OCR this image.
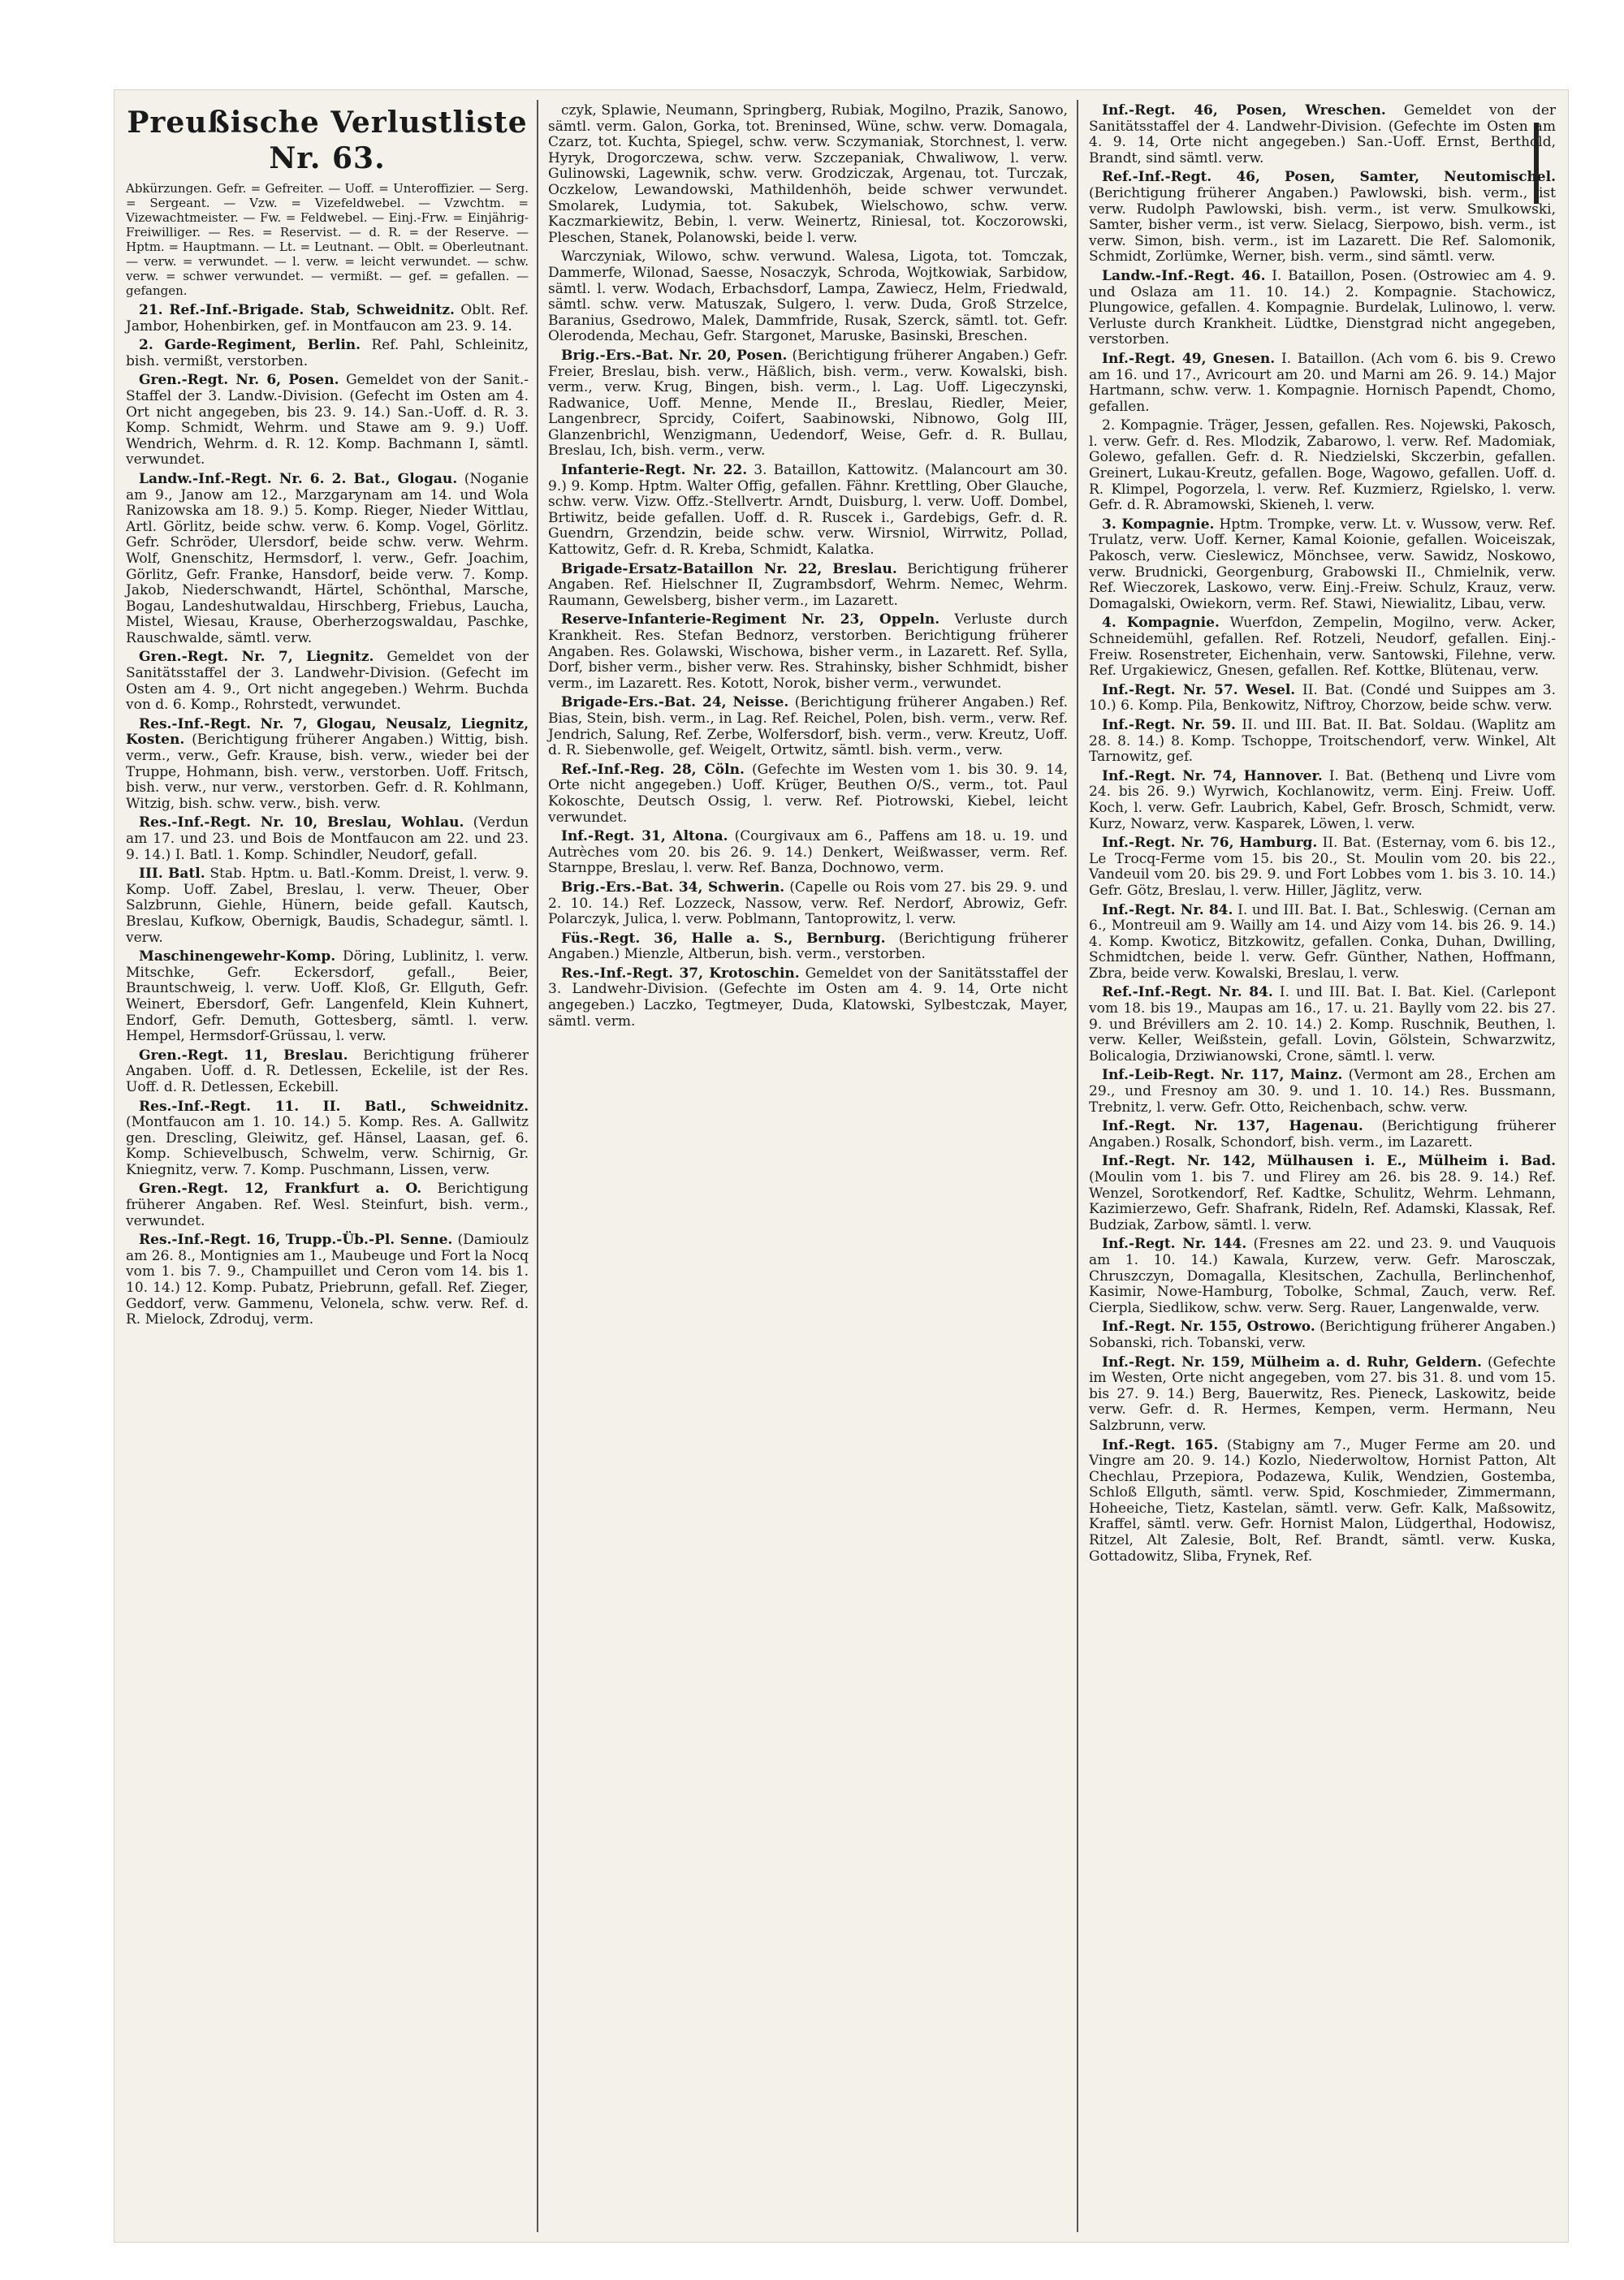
Preußische Verlustliste Nr. 63.
Abkürzungen. Gefr. = Gefreiter. — Uoff. = Unteroffizier. — Serg. = Sergeant. — Vzw. = Vizefeldwebel. — Vzwchtm. = Vizewachtmeister. — Fw. = Feldwebel. — Einj.-Frw. = Einjährig-Freiwilliger. — Res. = Reservist. — d. R. = der Reserve. — Hptm. = Hauptmann. — Lt. = Leutnant. — Oblt. = Oberleutnant. — verw. = verwundet. — l. verw. = leicht verwundet. — schw. verw. = schwer verwundet. — vermißt. — gef. = gefallen. — gefangen.

21. Ref.-Inf.-Brigade. Stab, Schweidnitz. Oblt. Ref. Jambor, Hohenbirken, gef. in Montfaucon am 23. 9. 14.

2. Garde-Regiment, Berlin. Ref. Pahl, Schleinitz, bish. vermißt, verstorben.

Gren.-Regt. Nr. 6, Posen. Gemeldet von der Sanit.-Staffel der 3. Landw.-Division. (Gefecht im Osten am 4. Ort nicht angegeben, bis 23. 9. 14.) San.-Uoff. d. R. 3. Komp. Schmidt, Wehrm. und Stawe am 9. 9.) Uoff. Wendrich, Wehrm. d. R. 12. Komp. Bachmann I, sämtl. verwundet.

Landw.-Inf.-Regt. Nr. 6. 2. Bat., Glogau. (Noganie am 9., Janow am 12., Marzgarynam am 14. und Wola Ranizowska am 18. 9.) 5. Komp. Rieger, Nieder Wittlau, Artl. Görlitz, beide schw. verw. 6. Komp. Vogel, Görlitz. Gefr. Schröder, Ulersdorf, beide schw. verw. Wehrm. Wolf, Gnenschitz, Hermsdorf, l. verw., Gefr. Joachim, Görlitz, Gefr. Franke, Hansdorf, beide verw. 7. Komp. Jakob, Niederschwandt, Härtel, Schönthal, Marsche, Bogau, Landeshutwaldau, Hirschberg, Friebus, Laucha, Mistel, Wiesau, Krause, Oberherzogswaldau, Paschke, Rauschwalde, sämtl. verw.

Gren.-Regt. Nr. 7, Liegnitz. Gemeldet von der Sanitätsstaffel der 3. Landwehr-Division. (Gefecht im Osten am 4. 9., Ort nicht angegeben.) Wehrm. Buchda von d. 6. Komp., Rohrstedt, verwundet.

Res.-Inf.-Regt. Nr. 7, Glogau, Neusalz, Liegnitz, Kosten. (Berichtigung früherer Angaben.) Wittig, bish. verm., verw., Gefr. Krause, bish. verw., wieder bei der Truppe, Hohmann, bish. verw., verstorben. Uoff. Fritsch, bish. verw., nur verw., verstorben. Gefr. d. R. Kohlmann, Witzig, bish. schw. verw., bish. verw.

Res.-Inf.-Regt. Nr. 10, Breslau, Wohlau. (Verdun am 17. und 23. und Bois de Montfaucon am 22. und 23. 9. 14.) I. Batl. 1. Komp. Schindler, Neudorf, gefall.

III. Batl. Stab. Hptm. u. Batl.-Komm. Dreist, l. verw. 9. Komp. Uoff. Zabel, Breslau, l. verw. Theuer, Ober Salzbrunn, Giehle, Hünern, beide gefall. Kautsch, Breslau, Kufkow, Obernigk, Baudis, Schadegur, sämtl. l. verw.

Maschinengewehr-Komp. Döring, Lublinitz, l. verw. Mitschke, Gefr. Eckersdorf, gefall., Beier, Brauntschweig, l. verw. Uoff. Kloß, Gr. Ellguth, Gefr. Weinert, Ebersdorf, Gefr. Langenfeld, Klein Kuhnert, Endorf, Gefr. Demuth, Gottesberg, sämtl. l. verw. Hempel, Hermsdorf-Grüssau, l. verw.

Gren.-Regt. 11, Breslau. Berichtigung früherer Angaben. Uoff. d. R. Detlessen, Eckelile, ist der Res. Uoff. d. R. Detlessen, Eckebill.

Res.-Inf.-Regt. 11. II. Batl., Schweidnitz. (Montfaucon am 1. 10. 14.) 5. Komp. Res. A. Gallwitz gen. Drescling, Gleiwitz, gef. Hänsel, Laasan, gef. 6. Komp. Schievelbusch, Schwelm, verw. Schirnig, Gr. Kniegnitz, verw. 7. Komp. Puschmann, Lissen, verw.

Gren.-Regt. 12, Frankfurt a. O. Berichtigung früherer Angaben. Ref. Wesl. Steinfurt, bish. verm., verwundet.

Res.-Inf.-Regt. 16, Trupp.-Üb.-Pl. Senne. (Damioulz am 26. 8., Montignies am 1., Maubeuge und Fort la Nocq vom 1. bis 7. 9., Champuillet und Ceron vom 14. bis 1. 10. 14.) 12. Komp. Pubatz, Priebrunn, gefall. Ref. Zieger, Geddorf, verw. Gammenu, Velonela, schw. verw. Ref. d. R. Mielock, Zdroduj, verm.

czyk, Splawie, Neumann, Springberg, Rubiak, Mogilno, Prazik, Sanowo, sämtl. verm. Galon, Gorka, tot. Breninsed, Wüne, schw. verw. Domagala, Czarz, tot. Kuchta, Spiegel, schw. verw. Sczymaniak, Storchnest, l. verw. Hyryk, Drogorczewa, schw. verw. Szczepaniak, Chwaliwow, l. verw. Gulinowski, Lagewnik, schw. verw. Grodziczak, Argenau, tot. Turczak, Oczkelow, Lewandowski, Mathildenhöh, beide schwer verwundet. Smolarek, Ludymia, tot. Sakubek, Wielschowo, schw. verw. Kaczmarkiewitz, Bebin, l. verw. Weinertz, Riniesal, tot. Koczorowski, Pleschen, Stanek, Polanowski, beide l. verw.

Warczyniak, Wilowo, schw. verwund. Walesa, Ligota, tot. Tomczak, Dammerfe, Wilonad, Saesse, Nosaczyk, Schroda, Wojtkowiak, Sarbidow, sämtl. l. verw. Wodach, Erbachsdorf, Lampa, Zawiecz, Helm, Friedwald, sämtl. schw. verw. Matuszak, Sulgero, l. verw. Duda, Groß Strzelce, Baranius, Gsedrowo, Malek, Dammfride, Rusak, Szerck, sämtl. tot. Gefr. Olerodenda, Mechau, Gefr. Stargonet, Maruske, Basinski, Breschen.

Brig.-Ers.-Bat. Nr. 20, Posen. (Berichtigung früherer Angaben.) Gefr. Freier, Breslau, bish. verw., Häßlich, bish. verm., verw. Kowalski, bish. verm., verw. Krug, Bingen, bish. verm., l. Lag. Uoff. Ligeczynski, Radwanice, Uoff. Menne, Mende II., Breslau, Riedler, Meier, Langenbrecr, Sprcidy, Coifert, Saabinowski, Nibnowo, Golg III, Glanzenbrichl, Wenzigmann, Uedendorf, Weise, Gefr. d. R. Bullau, Breslau, Ich, bish. verm., verw.

Infanterie-Regt. Nr. 22. 3. Bataillon, Kattowitz. (Malancourt am 30. 9.) 9. Komp. Hptm. Walter Offig, gefallen. Fähnr. Krettling, Ober Glauche, schw. verw. Vizw. Offz.-Stellvertr. Arndt, Duisburg, l. verw. Uoff. Dombel, Brtiwitz, beide gefallen. Uoff. d. R. Ruscek i., Gardebigs, Gefr. d. R. Guendrn, Grzendzin, beide schw. verw. Wirsniol, Wirrwitz, Pollad, Kattowitz, Gefr. d. R. Kreba, Schmidt, Kalatka.

Brigade-Ersatz-Bataillon Nr. 22, Breslau. Berichtigung früherer Angaben. Ref. Hielschner II, Zugrambsdorf, Wehrm. Nemec, Wehrm. Raumann, Gewelsberg, bisher verm., im Lazarett.

Reserve-Infanterie-Regiment Nr. 23, Oppeln. Verluste durch Krankheit. Res. Stefan Bednorz, verstorben. Berichtigung früherer Angaben. Res. Golawski, Wischowa, bisher verm., in Lazarett. Ref. Sylla, Dorf, bisher verm., bisher verw. Res. Strahinsky, bisher Schhmidt, bisher verm., im Lazarett. Res. Kotott, Norok, bisher verm., verwundet.

Brigade-Ers.-Bat. 24, Neisse. (Berichtigung früherer Angaben.) Ref. Bias, Stein, bish. verm., in Lag. Ref. Reichel, Polen, bish. verm., verw. Ref. Jendrich, Salung, Ref. Zerbe, Wolfersdorf, bish. verm., verw. Kreutz, Uoff. d. R. Siebenwolle, gef. Weigelt, Ortwitz, sämtl. bish. verm., verw.

Ref.-Inf.-Reg. 28, Cöln. (Gefechte im Westen vom 1. bis 30. 9. 14, Orte nicht angegeben.) Uoff. Krüger, Beuthen O/S., verm., tot. Paul Kokoschte, Deutsch Ossig, l. verw. Ref. Piotrowski, Kiebel, leicht verwundet.

Inf.-Regt. 31, Altona. (Courgivaux am 6., Paffens am 18. u. 19. und Autrèches vom 20. bis 26. 9. 14.) Denkert, Weißwasser, verm. Ref. Starnppe, Breslau, l. verw. Ref. Banza, Dochnowo, verm.

Brig.-Ers.-Bat. 34, Schwerin. (Capelle ou Rois vom 27. bis 29. 9. und 2. 10. 14.) Ref. Lozzeck, Nassow, verw. Ref. Nerdorf, Abrowiz, Gefr. Polarczyk, Julica, l. verw. Poblmann, Tantoprowitz, l. verw.

Füs.-Regt. 36, Halle a. S., Bernburg. (Berichtigung früherer Angaben.) Mienzle, Altberun, bish. verm., verstorben.

Res.-Inf.-Regt. 37, Krotoschin. Gemeldet von der Sanitätsstaffel der 3. Landwehr-Division. (Gefechte im Osten am 4. 9. 14, Orte nicht angegeben.) Laczko, Tegtmeyer, Duda, Klatowski, Sylbestczak, Mayer, sämtl. verm.

Inf.-Regt. 46, Posen, Wreschen. Gemeldet von der Sanitätsstaffel der 4. Landwehr-Division. (Gefechte im Osten am 4. 9. 14, Orte nicht angegeben.) San.-Uoff. Ernst, Berthold, Brandt, sind sämtl. verw.

Ref.-Inf.-Regt. 46, Posen, Samter, Neutomischel. (Berichtigung früherer Angaben.) Pawlowski, bish. verm., ist verw. Rudolph Pawlowski, bish. verm., ist verw. Smulkowski, Samter, bisher verm., ist verw. Sielacg, Sierpowo, bish. verm., ist verw. Simon, bish. verm., ist im Lazarett. Die Ref. Salomonik, Schmidt, Zorlümke, Werner, bish. verm., sind sämtl. verw.

Landw.-Inf.-Regt. 46. I. Bataillon, Posen. (Ostrowiec am 4. 9. und Oslaza am 11. 10. 14.) 2. Kompagnie. Stachowicz, Plungowice, gefallen. 4. Kompagnie. Burdelak, Lulinowo, l. verw. Verluste durch Krankheit. Lüdtke, Dienstgrad nicht angegeben, verstorben.

Inf.-Regt. 49, Gnesen. I. Bataillon. (Ach vom 6. bis 9. Crewo am 16. und 17., Avricourt am 20. und Marni am 26. 9. 14.) Major Hartmann, schw. verw. 1. Kompagnie. Hornisch Papendt, Chomo, gefallen.

2. Kompagnie. Träger, Jessen, gefallen. Res. Nojewski, Pakosch, l. verw. Gefr. d. Res. Mlodzik, Zabarowo, l. verw. Ref. Madomiak, Golewo, gefallen. Gefr. d. R. Niedzielski, Skczerbin, gefallen. Greinert, Lukau-Kreutz, gefallen. Boge, Wagowo, gefallen. Uoff. d. R. Klimpel, Pogorzela, l. verw. Ref. Kuzmierz, Rgielsko, l. verw. Gefr. d. R. Abramowski, Skieneh, l. verw.

3. Kompagnie. Hptm. Trompke, verw. Lt. v. Wussow, verw. Ref. Trulatz, verw. Uoff. Kerner, Kamal Koionie, gefallen. Woiceiszak, Pakosch, verw. Cieslewicz, Mönchsee, verw. Sawidz, Noskowo, verw. Brudnicki, Georgenburg, Grabowski II., Chmielnik, verw. Ref. Wieczorek, Laskowo, verw. Einj.-Freiw. Schulz, Krauz, verw. Domagalski, Owiekorn, verm. Ref. Stawi, Niewialitz, Libau, verw.

4. Kompagnie. Wuerfdon, Zempelin, Mogilno, verw. Acker, Schneidemühl, gefallen. Ref. Rotzeli, Neudorf, gefallen. Einj.-Freiw. Rosenstreter, Eichenhain, verw. Santowski, Filehne, verw. Ref. Urgakiewicz, Gnesen, gefallen. Ref. Kottke, Blütenau, verw.

Inf.-Regt. Nr. 57. Wesel. II. Bat. (Condé und Suippes am 3. 10.) 6. Komp. Pila, Benkowitz, Niftroy, Chorzow, beide schw. verw.

Inf.-Regt. Nr. 59. II. und III. Bat. II. Bat. Soldau. (Waplitz am 28. 8. 14.) 8. Komp. Tschoppe, Troitschendorf, verw. Winkel, Alt Tarnowitz, gef.

Inf.-Regt. Nr. 74, Hannover. I. Bat. (Bethenq und Livre vom 24. bis 26. 9.) Wyrwich, Kochlanowitz, verm. Einj. Freiw. Uoff. Koch, l. verw. Gefr. Laubrich, Kabel, Gefr. Brosch, Schmidt, verw. Kurz, Nowarz, verw. Kasparek, Löwen, l. verw.

Inf.-Regt. Nr. 76, Hamburg. II. Bat. (Esternay, vom 6. bis 12., Le Trocq-Ferme vom 15. bis 20., St. Moulin vom 20. bis 22., Vandeuil vom 20. bis 29. 9. und Fort Lobbes vom 1. bis 3. 10. 14.) Gefr. Götz, Breslau, l. verw. Hiller, Jäglitz, verw.

Inf.-Regt. Nr. 84. I. und III. Bat. I. Bat., Schleswig. (Cernan am 6., Montreuil am 9. Wailly am 14. und Aizy vom 14. bis 26. 9. 14.) 4. Komp. Kwoticz, Bitzkowitz, gefallen. Conka, Duhan, Dwilling, Schmidtchen, beide l. verw. Gefr. Günther, Nathen, Hoffmann, Zbra, beide verw. Kowalski, Breslau, l. verw.

Ref.-Inf.-Regt. Nr. 84. I. und III. Bat. I. Bat. Kiel. (Carlepont vom 18. bis 19., Maupas am 16., 17. u. 21. Baylly vom 22. bis 27. 9. und Brévillers am 2. 10. 14.) 2. Komp. Ruschnik, Beuthen, l. verw. Keller, Weißstein, gefall. Lovin, Gölstein, Schwarzwitz, Bolicalogia, Drziwianowski, Crone, sämtl. l. verw.

Inf.-Leib-Regt. Nr. 117, Mainz. (Vermont am 28., Erchen am 29., und Fresnoy am 30. 9. und 1. 10. 14.) Res. Bussmann, Trebnitz, l. verw. Gefr. Otto, Reichenbach, schw. verw.

Inf.-Regt. Nr. 137, Hagenau. (Berichtigung früherer Angaben.) Rosalk, Schondorf, bish. verm., im Lazarett.

Inf.-Regt. Nr. 142, Mülhausen i. E., Mülheim i. Bad. (Moulin vom 1. bis 7. und Flirey am 26. bis 28. 9. 14.) Ref. Wenzel, Sorotkendorf, Ref. Kadtke, Schulitz, Wehrm. Lehmann, Kazimierzewo, Gefr. Shafrank, Rideln, Ref. Adamski, Klassak, Ref. Budziak, Zarbow, sämtl. l. verw.

Inf.-Regt. Nr. 144. (Fresnes am 22. und 23. 9. und Vauquois am 1. 10. 14.) Kawala, Kurzew, verw. Gefr. Marosczak, Chruszczyn, Domagalla, Klesitschen, Zachulla, Berlinchenhof, Kasimir, Nowe-Hamburg, Tobolke, Schmal, Zauch, verw. Ref. Cierpla, Siedlikow, schw. verw. Serg. Rauer, Langenwalde, verw.

Inf.-Regt. Nr. 155, Ostrowo. (Berichtigung früherer Angaben.) Sobanski, rich. Tobanski, verw.

Inf.-Regt. Nr. 159, Mülheim a. d. Ruhr, Geldern. (Gefechte im Westen, Orte nicht angegeben, vom 27. bis 31. 8. und vom 15. bis 27. 9. 14.) Berg, Bauerwitz, Res. Pieneck, Laskowitz, beide verw. Gefr. d. R. Hermes, Kempen, verm. Hermann, Neu Salzbrunn, verw.

Inf.-Regt. 165. (Stabigny am 7., Muger Ferme am 20. und Vingre am 20. 9. 14.) Kozlo, Niederwoltow, Hornist Patton, Alt Chechlau, Przepiora, Podazewa, Kulik, Wendzien, Gostemba, Schloß Ellguth, sämtl. verw. Spid, Koschmieder, Zimmermann, Hoheeiche, Tietz, Kastelan, sämtl. verw. Gefr. Kalk, Maßsowitz, Kraffel, sämtl. verw. Gefr. Hornist Malon, Lüdgerthal, Hodowisz, Ritzel, Alt Zalesie, Bolt, Ref. Brandt, sämtl. verw. Kuska, Gottadowitz, Sliba, Frynek, Ref.
